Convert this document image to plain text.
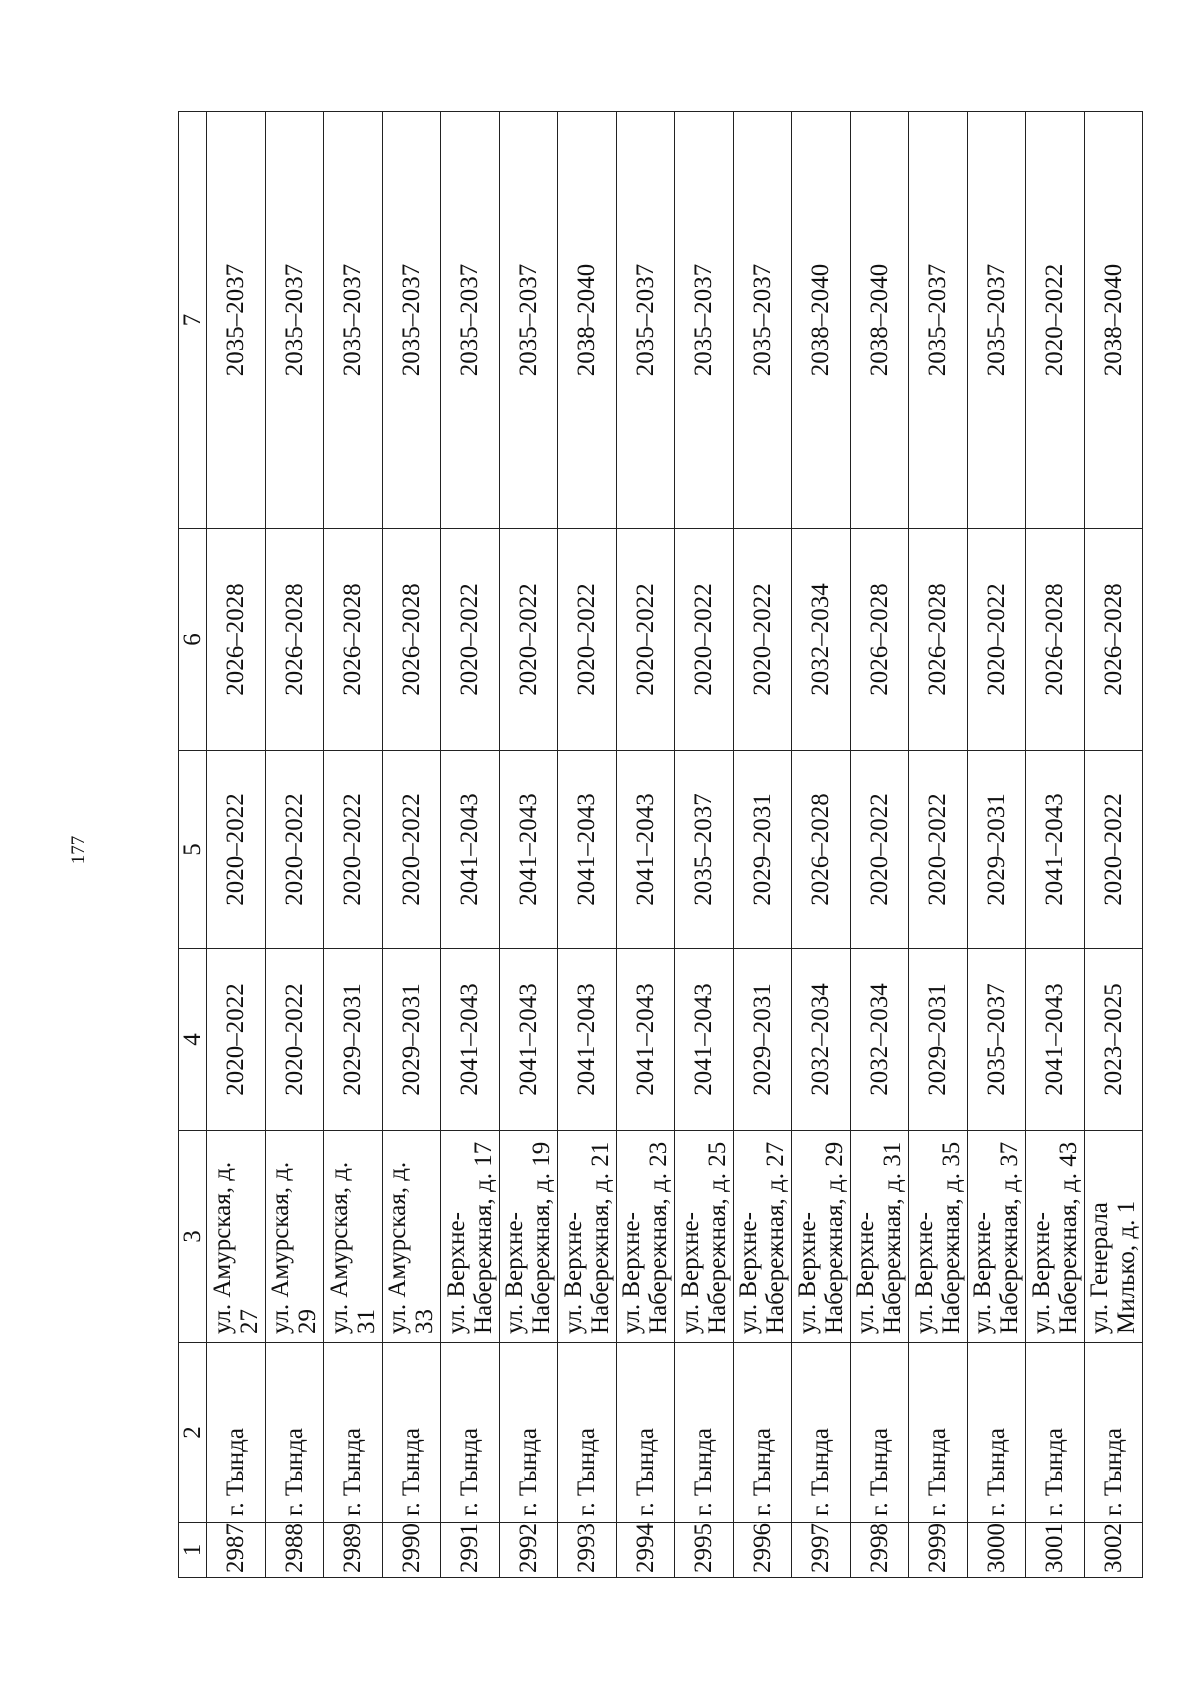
177
1	2	3	4	5	6	7
2987	г. Тында	ул. Амурская, д. 27	2020–2022	2020–2022	2026–2028	2035–2037
2988	г. Тында	ул. Амурская, д. 29	2020–2022	2020–2022	2026–2028	2035–2037
2989	г. Тында	ул. Амурская, д. 31	2029–2031	2020–2022	2026–2028	2035–2037
2990	г. Тында	ул. Амурская, д. 33	2029–2031	2020–2022	2026–2028	2035–2037
2991	г. Тында	ул. Верхне-Набережная, д. 17	2041–2043	2041–2043	2020–2022	2035–2037
2992	г. Тында	ул. Верхне-Набережная, д. 19	2041–2043	2041–2043	2020–2022	2035–2037
2993	г. Тында	ул. Верхне-Набережная, д. 21	2041–2043	2041–2043	2020–2022	2038–2040
2994	г. Тында	ул. Верхне-Набережная, д. 23	2041–2043	2041–2043	2020–2022	2035–2037
2995	г. Тында	ул. Верхне-Набережная, д. 25	2041–2043	2035–2037	2020–2022	2035–2037
2996	г. Тында	ул. Верхне-Набережная, д. 27	2029–2031	2029–2031	2020–2022	2035–2037
2997	г. Тында	ул. Верхне-Набережная, д. 29	2032–2034	2026–2028	2032–2034	2038–2040
2998	г. Тында	ул. Верхне-Набережная, д. 31	2032–2034	2020–2022	2026–2028	2038–2040
2999	г. Тында	ул. Верхне-Набережная, д. 35	2029–2031	2020–2022	2026–2028	2035–2037
3000	г. Тында	ул. Верхне-Набережная, д. 37	2035–2037	2029–2031	2020–2022	2035–2037
3001	г. Тында	ул. Верхне-Набережная, д. 43	2041–2043	2041–2043	2026–2028	2020–2022
3002	г. Тында	ул. Генерала Милько, д. 1	2023–2025	2020–2022	2026–2028	2038–2040
